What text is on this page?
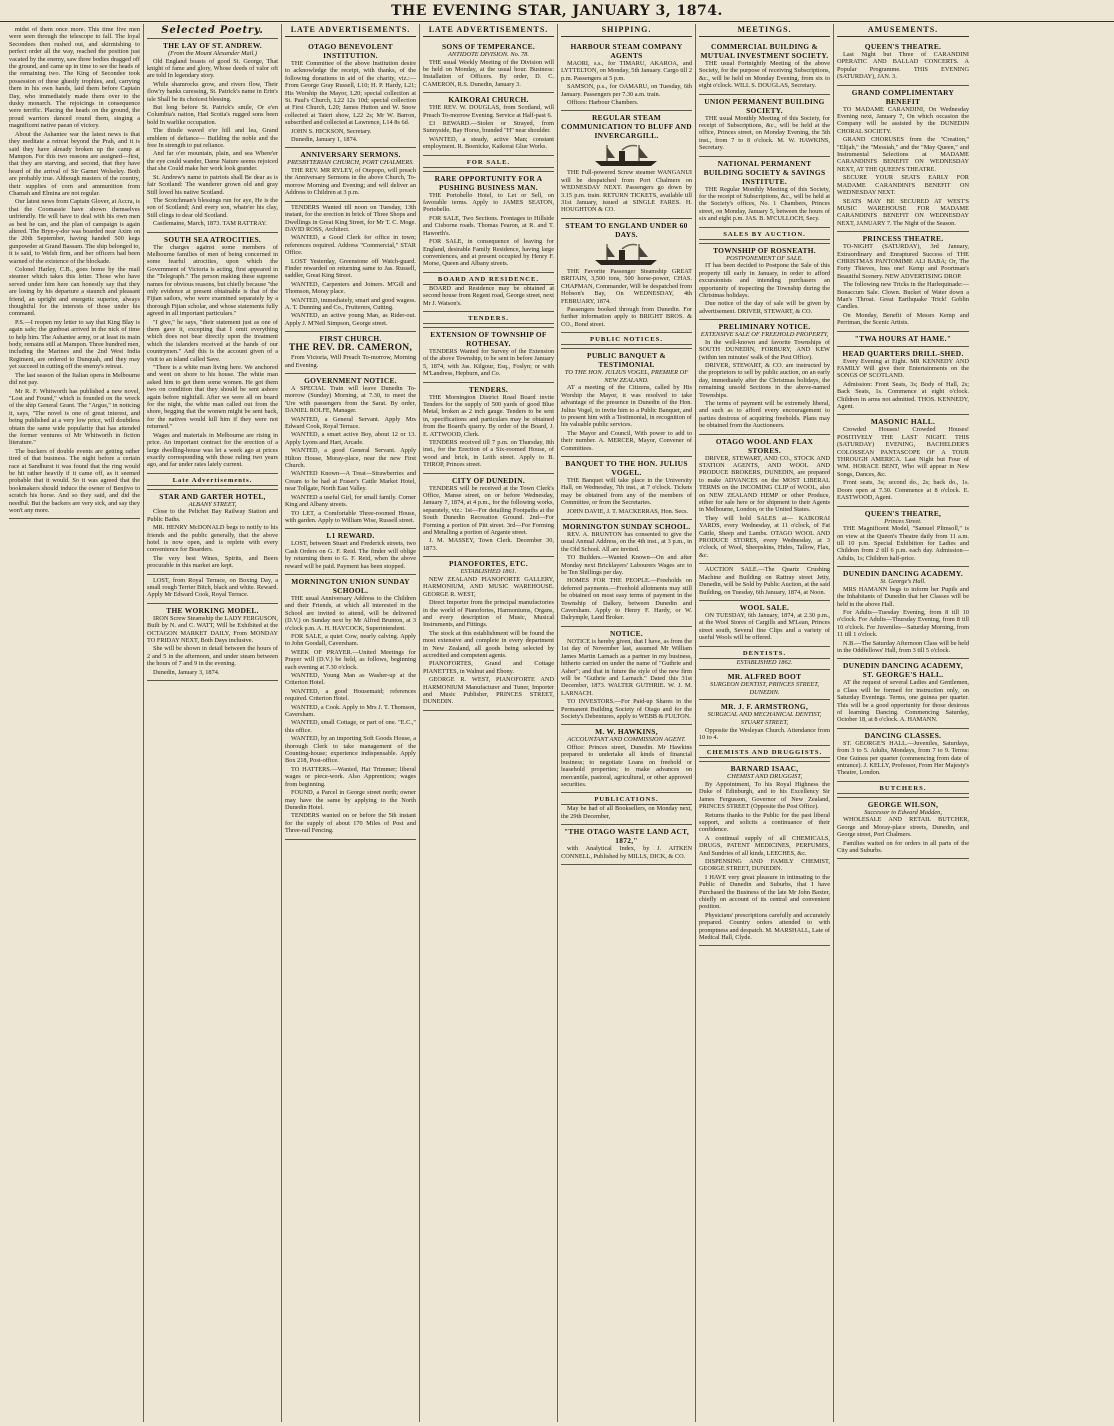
THE EVENING STAR, JANUARY 3, 1874.
midst of them once more. This time five men were seen through the telescope to fall. The loyal Secondees then rushed out, and skirmishing to perfect order all the way, reached the position just vacated by the enemy, saw three bodies dragged off the ground, and came up in time to see the heads of the remaining two. The King of Secondee took possession of these ghastly trophies, and, carrying them in his own hands, laid them before Captain Day, who immediately made them over to the dusky monarch. The rejoicings in consequence were terrific. Placing the heads on the ground, the proud warriors danced round them, singing a magnificent native paean of victory.
About the Ashantee war the latest news is that they meditate a retreat beyond the Prah, and it is said they have already broken up the camp at Mampon. For this two reasons are assigned—first, that they are starving, and second, that they have heard of the arrival of Sir Garnet Wolseley. Both are probably true. Although masters of the country, their supplies of corn and ammunition from Chamah and Elmina are not regular.
Our latest news from Captain Glover, at Accra, is that the Coomassie have shown themselves unfriendly. He will have to deal with his own men as best he can, and the plan of campaign is again altered. The Bryn-y-dor was boarded near Axim on the 20th September, having handed 500 kegs gunpowder at Grand Bassam. The ship belonged to, it is said, to Welsh firm, and her officers had been warned of the existence of the blockade.
Colonel Harley, C.B., goes home by the mail steamer which takes this letter. Those who have served under him here can honestly say that they are losing by his departure a staunch and pleasant friend, an upright and energetic superior, always thoughtful for the interests of those under his command.
P.S.—I reopen my letter to say that King Blay is again safe; the gunboat arrived in the nick of time to help him. The Ashantee army, or at least its main body, remains still at Mampon. Three hundred men, including the Marines and the 2nd West India Regiment, are ordered to Dunquah, and they may yet succeed in cutting off the enemy's retreat.
The last season of the Italian opera in Melbourne did not pay.
Mr R. F. Whitworth has published a new novel, "Lost and Found," which is founded on the wreck of the ship General Grant. The "Argus," in noticing it, says, "The novel is one of great interest, and being published at a very low price, will doubtless obtain the same wide popularity that has attended the former ventures of Mr Whitworth in fiction literature."
The buckers of double events are getting rather tired of that business. The night before a certain race at Sandhurst it was found that the ring would be hit rather heavily if it came off, as it seemed probable that it would. So it was agreed that the bookmakers should induce the owner of Benjivo to scratch his horse. And so they said, and did the needful. But the backers are very sick, and say they won't any more.
Selected Poetry.
THE LAY OF ST. ANDREW.
(From the Mount Alexander Mail.)
Old England boasts of good St. George, That knight of fame and glory, Whose deeds of valor oft are told In legendary story.
While shamrocks grow, and rivers flow, Their flow'ry banks caressing, St. Patrick's name in Erin's isle Shall be its choicest blessing.
But long before St. Patrick's smile, Or e'en Columbia's nation, Had Scotia's rugged sons been bold In warlike occupation.
The thistle waved o'er hill and lea, Grand emblem of defiance— Building the noble and the free In strength to put reliance.
And far o'er mountain, plain, and sea Where'er the eye could wander, Dame Nature seems rejoiced that she Could make her work look grander.
St. Andrew's name to patriots shall Be dear as is fair Scotland: The wanderer grown old and gray Still loved his native Scotland.
The Scotchman's blessings run for aye, He is the son of Scotland; And every son, whate'er his clay, Still clings to dear old Scotland.
Castlemaine, March, 1873. TAM RATTRAY.
SOUTH SEA ATROCITIES.
The charges against some members of Melbourne families of men of being concerned in some fearful atrocities, upon which the Government of Victoria is acting, first appeared in the "Telegraph." The person making these supreme names for obvious reasons, but chiefly because "the only evidence at present obtainable is that of the Fijian sailors, who were examined separately by a thorough Fijian scholar, and whose statements fully agreed in all important particulars."
"I give," he says, "their statement just as one of them gave it, excepting that I omit everything which does not bear directly upon the treatment which the islanders received at the hands of our countrymen." And this is the account given of a visit to an island called Save.
"There is a white man living here. We anchored and went on shore to his house. The white man asked him to get them some women. He got them two on condition that they should be sent ashore again before nightfall. After we were all on board for the night, the white man called out from the shore, begging that the women might be sent back, for the natives would kill him if they were not returned."
Wages and materials in Melbourne are rising in price. An important contract for the erection of a large dwelling-house was let a week ago at prices exactly corresponding with those ruling two years ago, and far under rates lately current.
Late Advertisements.
STAR AND GARTER HOTEL,
ALBANY STREET,
Close to the Pelichet Bay Railway Station and Public Baths.
MR. HENRY McDONALD begs to notify to his friends and the public generally, that the above hotel is now open, and is replete with every convenience for Boarders.
The very best Wines, Spirits, and Beers procurable in this market are kept.
LOST, from Royal Terrace, on Boxing Day, a small rough Terrier Bitch, black and white. Reward. Apply Mr Edward Cook, Royal Terrace.
THE WORKING MODEL.
IRON Screw Steamship the LADY FERGUSON, Built by N. and C. WATT, Will be Exhibited at the OCTAGON MARKET DAILY, From MONDAY TO FRIDAY NEXT, Both Days inclusive.
She will be shown in detail between the hours of 2 and 5 in the afternoon, and under steam between the hours of 7 and 9 in the evening.
Dunedin, January 3, 1874.
LATE ADVERTISEMENTS.
OTAGO BENEVOLENT INSTITUTION.
THE Committee of the above Institution desire to acknowledge the receipt, with thanks, of the following donations in aid of the charity, viz.:—From George Gray Russell, L10; H. P. Hardy, L21; His Worship the Mayor, L20; special collection at St. Paul's Church, L22 12s 10d; special collection at First Church, L20; James Hutton and W. Snow collected at Taieri show, L22 2s; Mr W. Barron, subscribed and collected at Lawrence, L14 8s 6d.
JOHN S. HICKSON, Secretary.
Dunedin, January 1, 1874.
ANNIVERSARY SERMONS.
PRESBYTERIAN CHURCH, PORT CHALMERS.
THE REV. MR RYLEY, of Otepopo, will preach the Anniversary Sermons in the above Church, To-morrow Morning and Evening; and will deliver an Address to Children at 3 p.m.
TENDERS Wanted till noon on Tuesday, 13th instant, for the erection in brick of Three Shops and Dwellings in Great King Street, for Mr T. C. Moge. DAVID ROSS, Architect.
WANTED, a Good Clerk for office in town; references required. Address "Commercial," STAR Office.
LOST Yesterday, Greenstone off Watch-guard. Finder rewarded on returning same to Jas. Russell, saddler, Great King Street.
WANTED, Carpenters and Joiners. M'Gill and Thomson, Moray place.
WANTED, immediately, smart and good wagess. A. T. Dunning and Co., Fruiterers, Cutting.
WANTED, an active young Man, as Rider-out. Apply J. M'Neil Simpson, George street.
FIRST CHURCH.
THE REV. DR. CAMERON,
From Victoria, Will Preach To-morrow, Morning and Evening.
GOVERNMENT NOTICE.
A SPECIAL Train will leave Dunedin To-morrow (Sunday) Morning, at 7.30, to meet the 'Ure with passengers from the Sarat. By order, DANIEL ROLFE, Manager.
WANTED, a General Servant. Apply Mrs Edward Cook, Royal Terrace.
WANTED, a smart active Boy, about 12 or 13. Apply Lyons and Hart, Arcade.
WANTED, a good General Servant. Apply Hilton House, Moray-place, near the new First Church.
WANTED Known—A Treat—Strawberries and Cream to be had at Fraser's Cattle Market Hotel, near Tollgate, North East Valley.
WANTED a useful Girl, for small family. Corner King and Albany streets.
TO LET, a Comfortable Three-roomed House, with garden. Apply to William Wise, Russell street.
L1 REWARD.
LOST, between Stuart and Frederick streets, two Cash Orders on G. F. Reid. The finder will oblige by returning them to G. F. Reid, when the above reward will be paid. Payment has been stopped.
MORNINGTON UNION SUNDAY SCHOOL.
THE usual Anniversary Address to the Children and their Friends, at which all interested in the School are invited to attend, will be delivered (D.V.) on Sunday next by Mr Alfred Brunton, at 3 o'clock p.m. A. H. HAYCOCK, Superintendent.
FOR SALE, a quiet Cow, nearly calving. Apply to John Goodall, Caversham.
WEEK OF PRAYER.—United Meetings for Prayer will (D.V.) be held, as follows, beginning each evening at 7.30 o'clock.
WANTED, Young Man as Washer-up at the Criterion Hotel.
WANTED, a good Housemaid; references required. Criterion Hotel.
WANTED, a Cook. Apply to Mrs J. T. Thomson, Caversham.
WANTED, small Cottage, or part of one. "E.C.," this office.
WANTED, by an importing Soft Goods House, a thorough Clerk to take management of the Counting-house; experience indispensable. Apply Box 218, Post-office.
TO HATTERS.—Wanted, Hat Trimmer; liberal wages or piece-work. Also Apprentices; wages from beginning.
FOUND, a Parcel in George street north; owner may have the same by applying to the North Dunedin Hotel.
TENDERS wanted on or before the 5th instant for the supply of about 170 Miles of Post and Three-rail Fencing.
LATE ADVERTISEMENTS.
SONS OF TEMPERANCE.
ANTIDOTE DIVISION. No. 78.
THE usual Weekly Meeting of the Division will be held on Monday, at the usual hour. Business: Installation of Officers. By order, D. C. CAMERON, R.S. Dunedin, January 3.
KAIKORAI CHURCH.
THE REV. W. DOUGLAS, from Scotland, will Preach To-morrow Evening. Service at Half-past 6.
£3 REWARD.—Stolen or Strayed, from Sunnyside, Bay Horse, branded "H" near shoulder.
WANTED, a steady, active Man; constant employment. R. Boenicke, Kaikorai Glue Works.
FOR SALE.
RARE OPPORTUNITY FOR A PUSHING BUSINESS MAN.
THE Portobello Hotel, to Let or Sell, on favorable terms. Apply to JAMES SEATON, Portobello.
FOR SALE, Two Sections. Frontages to Hillside and Cisborne roads. Thomas Fearon, at R. and T. Haworth's.
FOR SALE, in consequence of leaving for England, desirable Family Residence, having large conveniences, and at present occupied by Henry F. Morse, Queen and Albany streets.
BOARD AND RESIDENCE.
BOARD and Residence may be obtained at second house from Regent road, George street, next Mr J. Watson's.
TENDERS.
EXTENSION OF TOWNSHIP OF ROTHESAY.
TENDERS Wanted for Survey of the Extension of the above Township, to be sent in before January 5, 1874, with Jas. Kilgour, Esq., Foslyn; or with M'Landress, Hepburn, and Co.
TENDERS.
THE Mornington District Road Board invite Tenders for the supply of 500 yards of good Blue Metal, broken as 2 inch gauge. Tenders to be sent in, specifications and particulars may be obtained from the Board's quarry. By order of the Board, J. E. ATTWOOD, Clerk.
TENDERS received till 7 p.m. on Thursday, 8th inst., for the Erection of a Six-roomed House, of wood and brick, in Leith street. Apply to B. THROP, Princes street.
CITY OF DUNEDIN.
TENDERS will be received at the Town Clerk's Office, Manse street, on or before Wednesday, January 7, 1874, at 4 p.m., for the following works, separately, viz.: 1st—For detailing Footpaths at the South Dunedin Recreation Ground. 2nd—For Forming a portion of Pitt street. 3rd—For Forming and Metalling a portion of Arganie street.
J. M. MASSEY, Town Clerk. December 30, 1873.
PIANOFORTES, ETC.
ESTABLISHED 1861.
NEW ZEALAND PIANOFORTE GALLERY, HARMONIUM, AND MUSIC WAREHOUSE. GEORGE R. WEST,
Direct Importer from the principal manufactories in the world of Pianofortes, Harmoniums, Organs, and every description of Music, Musical Instruments, and Fittings.
The stock at this establishment will be found the most extensive and complete in every department in New Zealand, all goods being selected by accredited and competent agents.
PIANOFORTES, Grand and Cottage PIANETTES, in Walnut and Ebony.
GEORGE R. WEST, PIANOFORTE AND HARMONIUM Manufacturer and Tuner, Importer and Music Publisher, PRINCES STREET, DUNEDIN.
SHIPPING.
HARBOUR STEAM COMPANY AGENTS
MAORI, s.s., for TIMARU, AKAROA, and LYTTELTON, on Monday, 5th January. Cargo till 2 p.m. Passengers at 5 p.m.
SAMSON, p.s., for OAMARU, on Tuesday, 6th January. Passengers per 7.30 a.m. train.
Offices: Harbour Chambers.
REGULAR STEAM COMMUNICATION TO BLUFF AND INVERCARGILL.
THE Full-powered Screw steamer WANGANUI will be despatched from Port Chalmers on WEDNESDAY NEXT. Passengers go down by 3.15 p.m. train. RETURN TICKETS, available till 31st January, issued at SINGLE FARES. H. HOUGHTON & CO.
STEAM TO ENGLAND UNDER 60 DAYS.
THE Favorite Passenger Steamship GREAT BRITAIN, 3,500 tons, 500 horse-power, CHAS. CHAPMAN, Commander, Will be despatched from Hobson's Bay, On WEDNESDAY, 4th FEBRUARY, 1874.
Passengers booked through from Dunedin. For further information apply to BRIGHT BROS. & CO., Bond street.
PUBLIC NOTICES.
PUBLIC BANQUET & TESTIMONIAL
TO THE HON. JULIUS VOGEL, PREMIER OF NEW ZEALAND.
AT a meeting of the Citizens, called by His Worship the Mayor, it was resolved to take advantage of the presence in Dunedin of the Hon. Julius Vogel, to invite him to a Public Banquet, and to present him with a Testimonial, in recognition of his valuable public services.
The Mayor and Council, With power to add to their number. A. MERCER, Mayor, Convener of Committees.
BANQUET TO THE HON. JULIUS VOGEL.
THE Banquet will take place in the University Hall, on Wednesday, 7th inst., at 7 o'clock. Tickets may be obtained from any of the members of Committee, or from the Secretaries.
JOHN DAVIE, J. T. MACKERRAS, Hon. Secs.
MORNINGTON SUNDAY SCHOOL.
REV. A. BRUNTON has consented to give the usual Annual Address, on the 4th inst., at 3 p.m., in the Old School. All are invited.
TO Builders.—Wanted Known—On and after Monday next Bricklayers' Labourers Wages are to be Ten Shillings per day.
HOMES FOR THE PEOPLE.—Freeholds on deferred payments.—Freehold allotments may still be obtained on most easy terms of payment in the Township of Dalkey, between Dunedin and Caversham. Apply to Henry F. Hardy, or W. Dalrymple, Land Broker.
NOTICE.
NOTICE is hereby given, that I have, as from the 1st day of November last, assumed Mr William James Martin Larnach as a partner in my business, hitherto carried on under the name of "Guthrie and Asher"; and that in future the style of the new firm will be "Guthrie and Larnach." Dated this 31st December, 1873. WALTER GUTHRIE. W. J. M. LARNACH.
TO INVESTORS.—For Paid-up Shares in the Permanent Building Society of Otago and for the Society's Debentures, apply to WEBB & FULTON.
M. W. HAWKINS,
ACCOUNTANT AND COMMISSION AGENT.
Office: Princes street, Dunedin. Mr Hawkins prepared to undertake all kinds of financial business; to negotiate Loans on freehold or leasehold properties; to make advances on mercantile, pastoral, agricultural, or other approved securities.
PUBLICATIONS.
May be had of all Booksellers, on Monday next, the 29th December,
"THE OTAGO WASTE LAND ACT, 1872,"
with Analytical Index, by J. AITKEN CONNELL, Published by MILLS, DICK, & CO.
MEETINGS.
COMMERCIAL BUILDING & MUTUAL INVESTMENT SOCIETY.
THE usual Fortnightly Meeting of the above Society, for the purpose of receiving Subscriptions, &c., will be held on Monday Evening, from six to eight o'clock. WILL S. DOUGLAS, Secretary.
UNION PERMANENT BUILDING SOCIETY.
THE usual Monthly Meeting of this Society, for receipt of Subscriptions, &c., will be held at the office, Princes street, on Monday Evening, the 5th inst., from 7 to 8 o'clock. M. W. HAWKINS, Secretary.
NATIONAL PERMANENT BUILDING SOCIETY & SAVINGS INSTITUTE.
THE Regular Monthly Meeting of this Society, for the receipt of Subscriptions, &c., will be held at the Society's offices, No. 1 Chambers, Princes street, on Monday, January 5, between the hours of six and eight p.m. JAS. B. M'CULLOCH, Secy.
SALES BY AUCTION.
TOWNSHIP OF ROSNEATH.
POSTPONEMENT OF SALE.
IT has been decided to Postpone the Sale of this property till early in January, in order to afford excursionists and intending purchasers an opportunity of inspecting the Township during the Christmas holidays.
Due notice of the day of sale will be given by advertisement. DRIVER, STEWART, & CO.
PRELIMINARY NOTICE.
EXTENSIVE SALE OF FREEHOLD PROPERTY,
In the well-known and favorite Townships of SOUTH DUNEDIN, FORBURY, AND KEW (within ten minutes' walk of the Post Office).
DRIVER, STEWART, & CO. are instructed by the proprietors to sell by public auction, on an early day, immediately after the Christmas holidays, the remaining unsold Sections in the above-named Townships.
The terms of payment will be extremely liberal, and such as to afford every encouragement to parties desirous of acquiring freeholds. Plans may be obtained from the Auctioneers.
OTAGO WOOL AND FLAX STORES.
DRIVER, STEWART, AND CO., STOCK AND STATION AGENTS, AND WOOL AND PRODUCE BROKERS, DUNEDIN, are prepared to make ADVANCES on the MOST LIBERAL TERMS on the INCOMING CLIP of WOOL, also on NEW ZEALAND HEMP or other Produce, either for sale here or for shipment to their Agents in Melbourne, London, or the United States.
They will hold SALES at— KAIKORAI YARDS, every Wednesday, at 11 o'clock, of Fat Cattle, Sheep and Lambs. OTAGO WOOL AND PRODUCE STORES, every Wednesday, at 3 o'clock, of Wool, Sheepskins, Hides, Tallow, Flax, &c.
AUCTION SALE.—The Quartz Crushing Machine and Building on Rattray street Jetty, Dunedin, will be Sold by Public Auction, at the said Building, on Tuesday, 6th January, 1874, at Noon.
WOOL SALE.
ON TUESDAY, 6th January, 1874, at 2.30 p.m., at the Wool Stores of Cargills and M'Lean, Princes street south, Several fine Clips and a variety of useful Wools will be offered.
DENTISTS.
ESTABLISHED 1862.
MR. ALFRED BOOT
SURGEON DENTIST, PRINCES STREET, DUNEDIN.
MR. J. F. ARMSTRONG,
SURGICAL AND MECHANICAL DENTIST, STUART STREET,
Opposite the Wesleyan Church. Attendance from 10 to 4.
CHEMISTS AND DRUGGISTS.
BARNARD ISAAC,
CHEMIST AND DRUGGIST,
By Appointment, To his Royal Highness the Duke of Edinburgh, and to his Excellency Sir James Fergusson, Governor of New Zealand, PRINCES STREET (Opposite the Post Office).
Returns thanks to the Public for the past liberal support, and solicits a continuance of their confidence.
A continual supply of all CHEMICALS, DRUGS, PATENT MEDICINES, PERFUMES, And Sundries of all kinds, LEECHES, &c.
DISPENSING AND FAMILY CHEMIST, GEORGE STREET, DUNEDIN.
I HAVE very great pleasure in intimating to the Public of Dunedin and Suburbs, that I have Purchased the Business of the late Mr John Baxter, chiefly on account of its central and convenient position.
Physicians' prescriptions carefully and accurately prepared. Country orders attended to with promptness and despatch. M. MARSHALL, Late of Medical Hall, Clyde.
AMUSEMENTS.
QUEEN'S THEATRE.
Last Night but Three of CARANDINI OPERATIC AND BALLAD CONCERTS. A Popular Programme. THIS EVENING (SATURDAY), JAN. 3.
GRAND COMPLIMENTARY BENEFIT
TO MADAME CARANDINI, On Wednesday Evening next, January 7, On which occasion the Company will be assisted by the DUNEDIN CHORAL SOCIETY.
GRAND CHORUSES from the "Creation," "Elijah," the "Messiah," and the "May Queen," and Instrumental Selections at MADAME CARANDINI'S BENEFIT ON WEDNESDAY NEXT, AT THE QUEEN'S THEATRE.
SECURE YOUR SEATS EARLY FOR MADAME CARANDINI'S BENEFIT ON WEDNESDAY NEXT.
SEATS MAY BE SECURED AT WEST'S MUSIC WAREHOUSE FOR MADAME CARANDINI'S BENEFIT ON WEDNESDAY NEXT, JANUARY 7. The Night of the Season.
PRINCESS THEATRE.
TO-NIGHT (SATURDAY), 3rd January, Extraordinary and Enraptured Success of THE CHRISTMAS PANTOMIME ALI BABA; Or, The Forty Thieves, Inss one! Kemp and Poortman's Beautiful Scenery. NEW ADVERTISING DROP.
The following new Tricks in the Harlequinade:— Bonaccum Sale. Clown. Bucket of Water down a Man's Throat. Great Earthquake Trick! Goblin Candles.
On Monday, Benefit of Messrs Kemp and Perriman, the Scenic Artists.
"TWA HOURS AT HAME."
HEAD QUARTERS DRILL-SHED.
Every Evening at Eight. MR KENNEDY AND FAMILY Will give their Entertainments on the SONGS OF SCOTLAND.
Admission: Front Seats, 3s; Body of Hall, 2s; Back Seats, 1s. Commence at eight o'clock. Children in arms not admitted. THOS. KENNEDY, Agent.
MASONIC HALL.
Crowded Houses! Crowded Houses! POSITIVELY THE LAST NIGHT. THIS (SATURDAY) EVENING, BACHELDER'S COLOSSEAN PANTASCOPE OF A TOUR THROUGH AMERICA. Last Night but Four of WM. HORACE BENT, Who will appear in New Songs, Dances, &c.
Front seats, 3s; second do., 2s; back do., 1s. Doors open at 7.30. Commence at 8 o'clock. E. EASTWOOD, Agent.
QUEEN'S THEATRE,
Princes Street.
THE Magnificent Model, "Samuel Plimsoll," is on view at the Queen's Theatre daily from 11 a.m. till 10 p.m. Special Exhibition for Ladies and Children from 2 till 6 p.m. each day. Admission—Adults, 1s; Children half-price.
DUNEDIN DANCING ACADEMY.
St. George's Hall.
MRS HAMANN begs to inform her Pupils and the Inhabitants of Dunedin that her Classes will be held in the above Hall.
For Adults—Tuesday Evening, from 8 till 10 o'clock. For Adults—Thursday Evening, from 8 till 10 o'clock. For Juveniles—Saturday Morning, from 11 till 1 o'clock.
N.B.—The Saturday Afternoon Class will be held in the Oddfellows' Hall, from 3 till 5 o'clock.
DUNEDIN DANCING ACADEMY, ST. GEORGE'S HALL.
AT the request of several Ladies and Gentlemen, a Class will be formed for instruction only, on Saturday Evenings. Terms, one guinea per quarter. This will be a good opportunity for those desirous of learning Dancing. Commencing Saturday, October 18, at 8 o'clock. A. HAMANN.
DANCING CLASSES.
ST. GEORGE'S HALL.—Juveniles, Saturdays, from 3 to 5. Adults, Mondays, from 7 to 9. Terms: One Guinea per quarter (commencing from date of entrance). J. KELLY, Professor, From Her Majesty's Theatre, London.
BUTCHERS.
GEORGE WILSON,
Successor to Edward Madden,
WHOLESALE AND RETAIL BUTCHER, George and Moray-place streets, Dunedin, and George street, Port Chalmers.
Families waited on for orders in all parts of the City and Suburbs.
